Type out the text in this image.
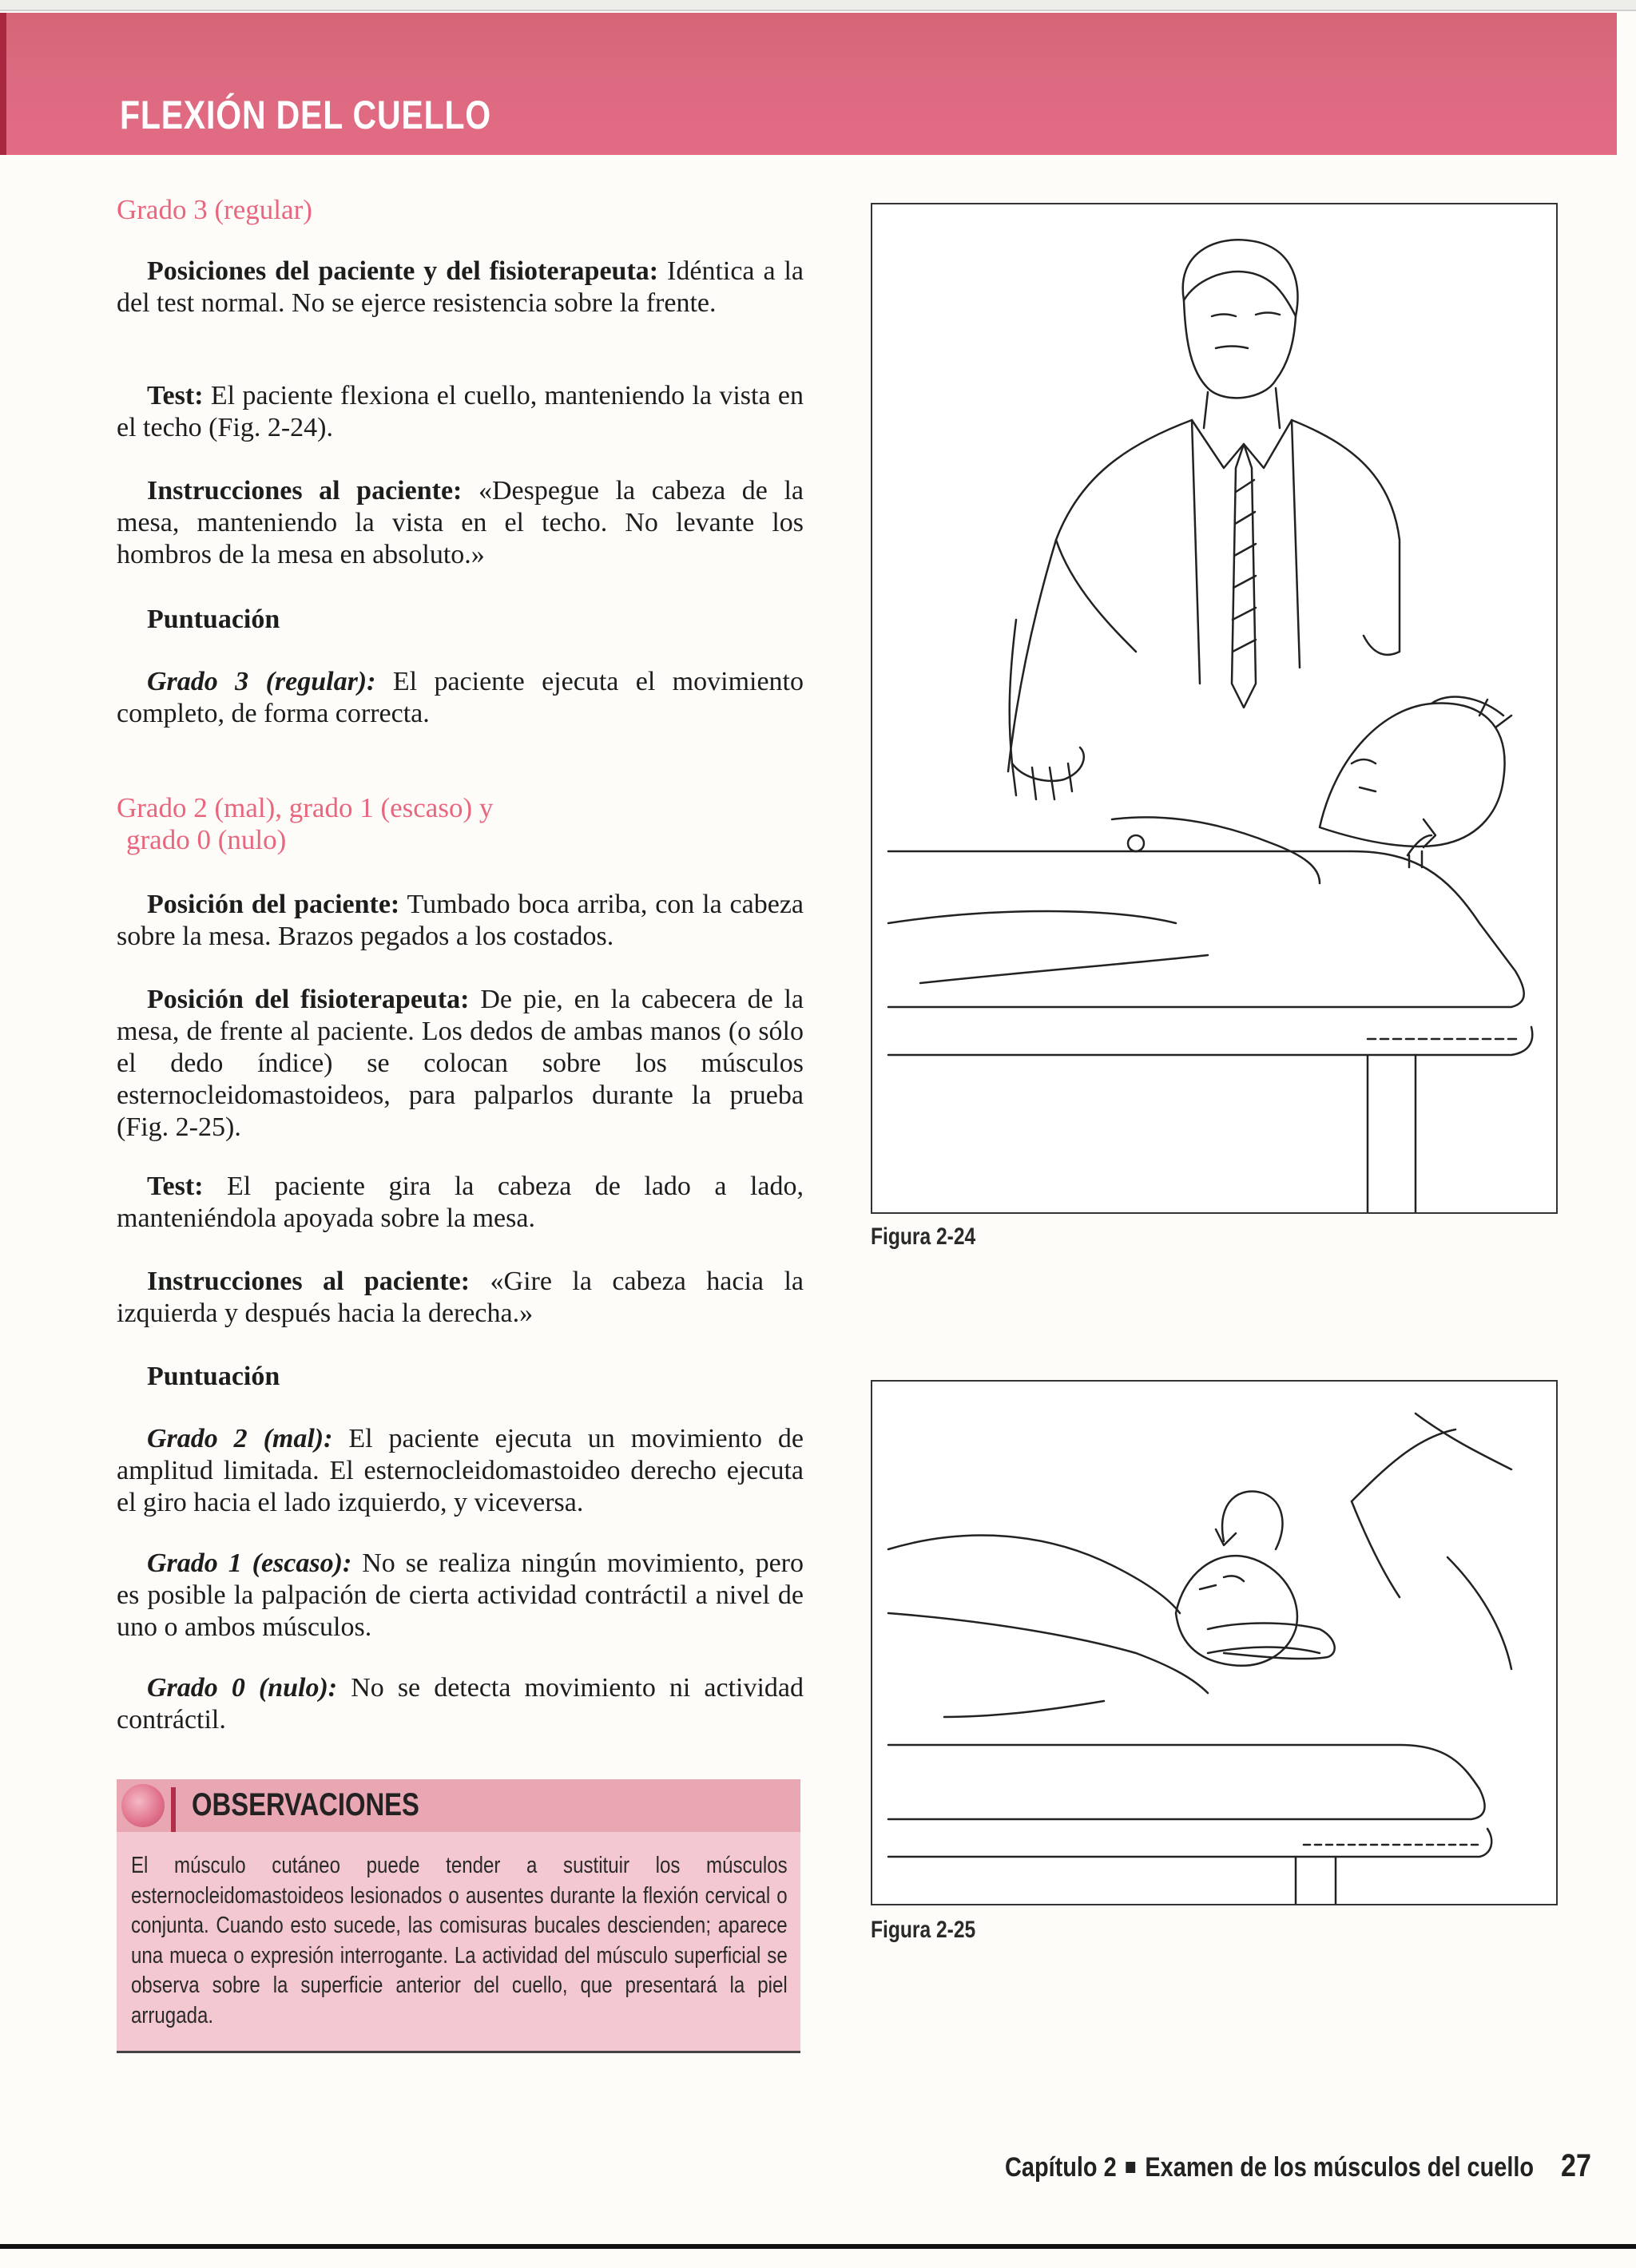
FLEXIÓN DEL CUELLO
Grado 3 (regular)
Posiciones del paciente y del fisioterapeuta: Idéntica a la del test normal. No se ejerce resistencia sobre la frente.
Test: El paciente flexiona el cuello, manteniendo la vista en el techo (Fig. 2-24).
Instrucciones al paciente: «Despegue la cabeza de la mesa, manteniendo la vista en el techo. No levante los hombros de la mesa en absoluto.»
Puntuación
Grado 3 (regular): El paciente ejecuta el movimiento completo, de forma correcta.
Grado 2 (mal), grado 1 (escaso) y
grado 0 (nulo)
Posición del paciente: Tumbado boca arriba, con la cabeza sobre la mesa. Brazos pegados a los costados.
Posición del fisioterapeuta: De pie, en la cabecera de la mesa, de frente al paciente. Los dedos de ambas manos (o sólo el dedo índice) se colocan sobre los músculos esternocleidomastoideos, para palparlos durante la prueba (Fig. 2-25).
Test: El paciente gira la cabeza de lado a lado, manteniéndola apoyada sobre la mesa.
Instrucciones al paciente: «Gire la cabeza hacia la izquierda y después hacia la derecha.»
Puntuación
Grado 2 (mal): El paciente ejecuta un movimiento de amplitud limitada. El esternocleidomastoideo derecho ejecuta el giro hacia el lado izquierdo, y viceversa.
Grado 1 (escaso): No se realiza ningún movimiento, pero es posible la palpación de cierta actividad contráctil a nivel de uno o ambos músculos.
Grado 0 (nulo): No se detecta movimiento ni actividad contráctil.
OBSERVACIONES
El músculo cutáneo puede tender a sustituir los músculos esternocleidomastoideos lesionados o ausentes durante la flexión cervical o conjunta. Cuando esto sucede, las comisuras bucales descienden; aparece una mueca o expresión interrogante. La actividad del músculo superficial se observa sobre la superficie anterior del cuello, que presentará la piel arrugada.
Figura 2-24
Figura 2-25
Capítulo 2 Examen de los músculos del cuello 27
